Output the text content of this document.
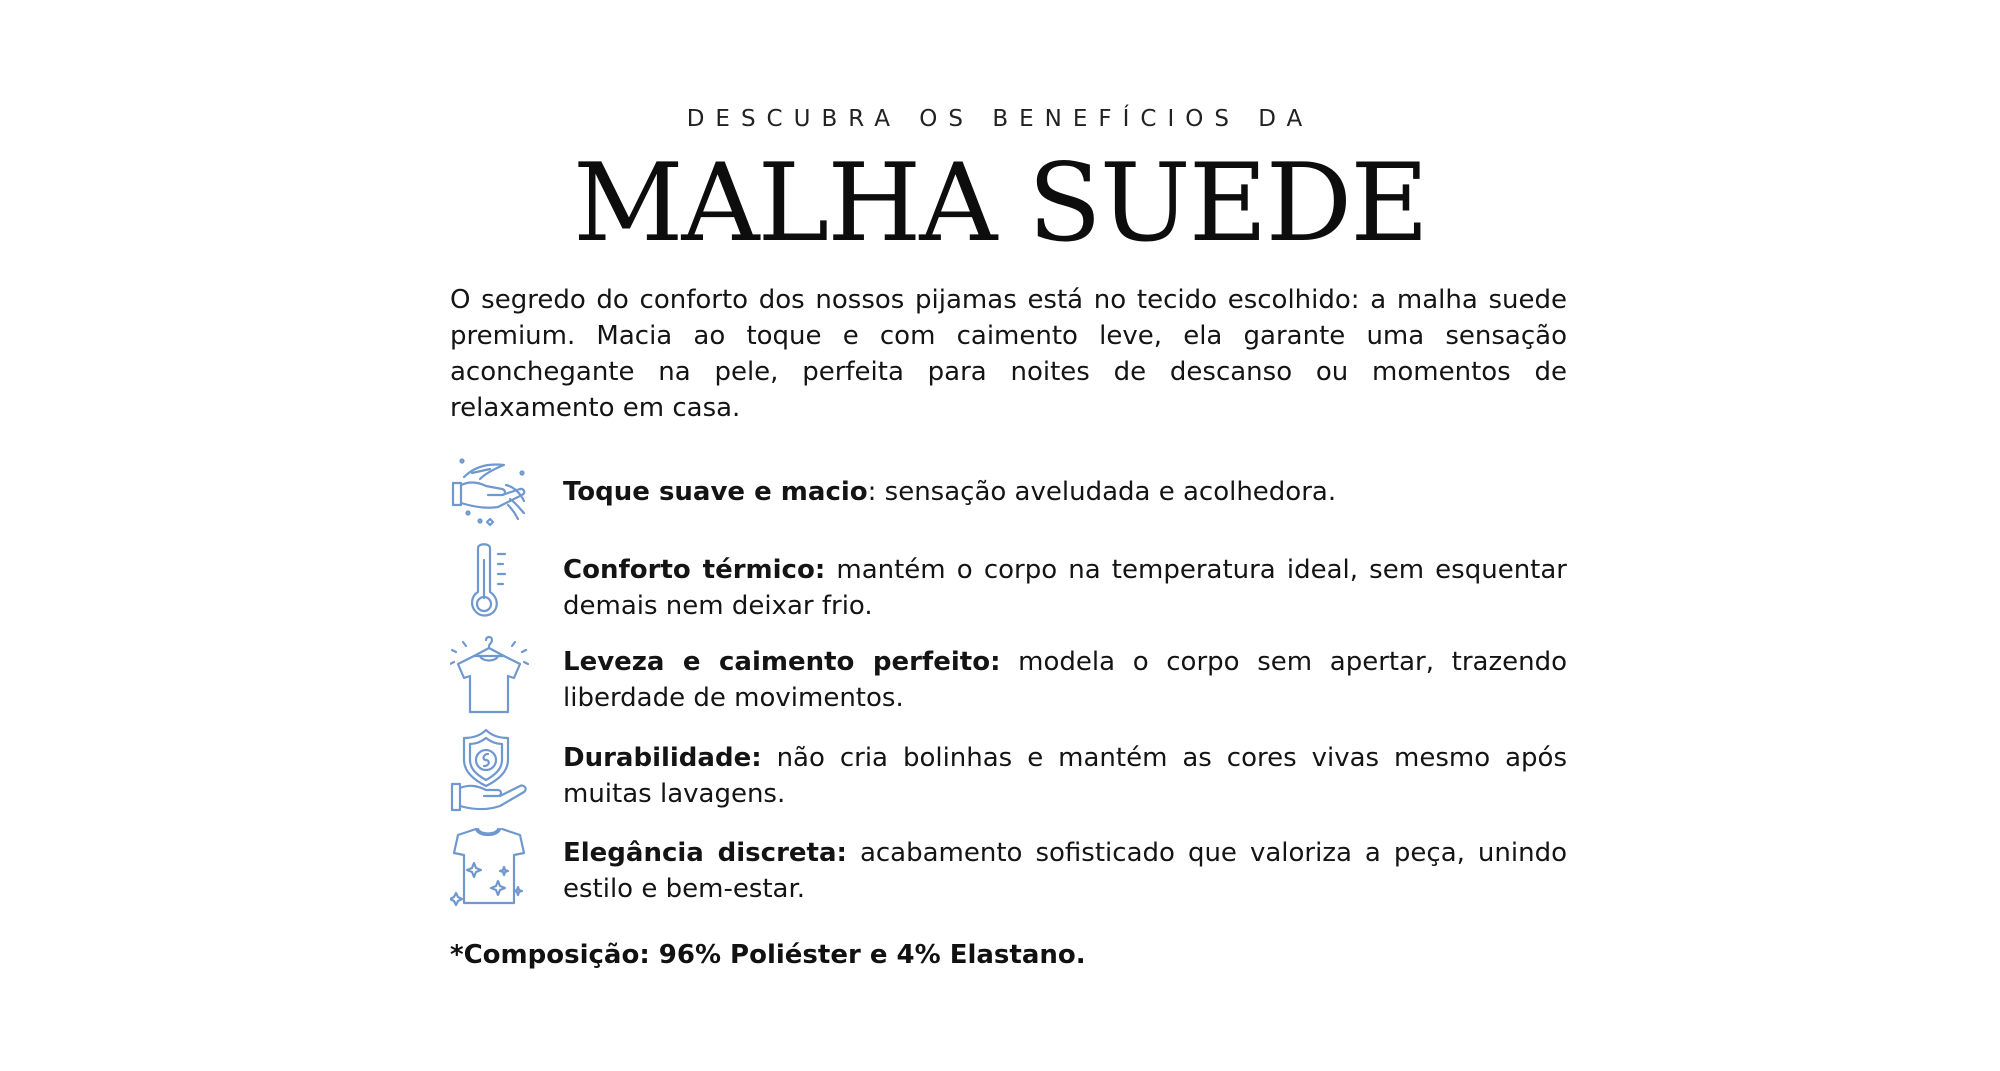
DESCUBRA OS BENEFÍCIOS DA
MALHA SUEDE

O segredo do conforto dos nossos pijamas está no tecido escolhido: a malha suede premium. Macia ao toque e com caimento leve, ela garante uma sensação aconchegante na pele, perfeita para noites de descanso ou momentos de relaxamento em casa.

Toque suave e macio: sensação aveludada e acolhedora.

Conforto térmico: mantém o corpo na temperatura ideal, sem esquentar demais nem deixar frio.

Leveza e caimento perfeito: modela o corpo sem apertar, trazendo liberdade de movimentos.

Durabilidade: não cria bolinhas e mantém as cores vivas mesmo após muitas lavagens.

Elegância discreta: acabamento sofisticado que valoriza a peça, unindo estilo e bem-estar.

*Composição: 96% Poliéster e 4% Elastano.
